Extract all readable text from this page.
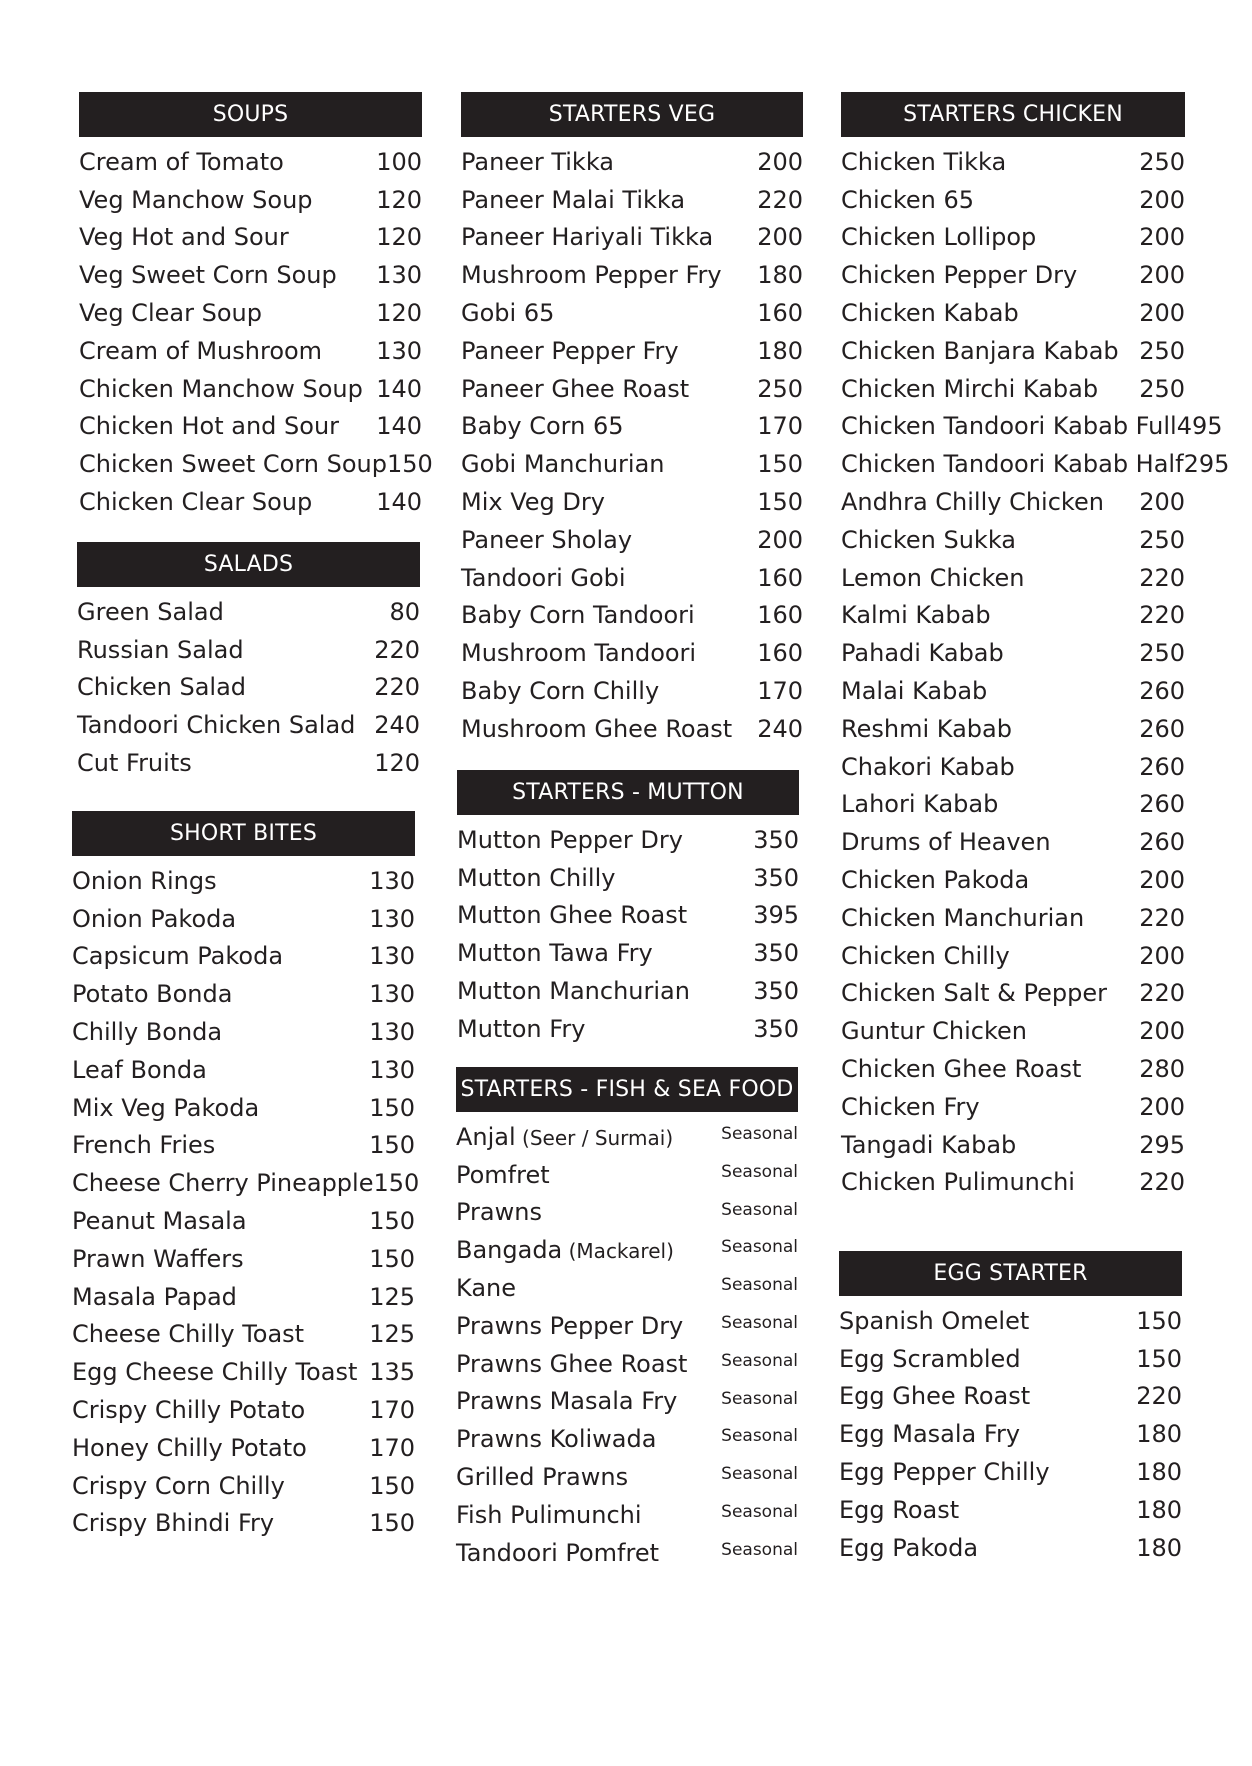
SOUPS
Cream of Tomato	100
Veg Manchow Soup	120
Veg Hot and Sour	120
Veg Sweet Corn Soup 130
Veg Clear Soup	120
Cream of Mushroom 130
Chicken Manchow Soup 140
Chicken Hot and Sour 140
Chicken Sweet Corn Soup 150
Chicken Clear Soup	140
SALADS
Green Salad	80
Russian Salad	220
Chicken Salad	220
Tandoori Chicken Salad 240
Cut Fruits	120
SHORT BITES
Onion Rings	130
Onion Pakoda	130
Capsicum Pakoda	130
Potato Bonda	130
Chilly Bonda	130
Leaf Bonda	130
Mix Veg Pakoda	150
French Fries	150
Cheese Cherry Pineapple 150
Peanut Masala	150
Prawn Waffers	150
Masala Papad	125
Cheese Chilly Toast	125
Egg Cheese Chilly Toast 135
Crispy Chilly Potato	170
Honey Chilly Potato	170
Crispy Corn Chilly	150
Crispy Bhindi Fry	150
STARTERS VEG
Paneer Tikka	200
Paneer Malai Tikka	220
Paneer Hariyali Tikka 200
Mushroom Pepper Fry 180
Gobi 65	160
Paneer Pepper Fry	180
Paneer Ghee Roast	250
Baby Corn 65	170
Gobi Manchurian	150
Mix Veg Dry	150
Paneer Sholay	200
Tandoori Gobi	160
Baby Corn Tandoori	160
Mushroom Tandoori	160
Baby Corn Chilly	170
Mushroom Ghee Roast 240
STARTERS - MUTTON
Mutton Pepper Dry	350
Mutton Chilly	350
Mutton Ghee Roast	395
Mutton Tawa Fry	350
Mutton Manchurian	350
Mutton Fry	350
STARTERS - FISH & SEA FOOD
Anjal (Seer / Surmai)	Seasonal
Pomfret	Seasonal
Prawns	Seasonal
Bangada (Mackarel)	Seasonal
Kane	Seasonal
Prawns Pepper Dry Seasonal
Prawns Ghee Roast Seasonal
Prawns Masala Fry	Seasonal
Prawns Koliwada	Seasonal
Grilled Prawns	Seasonal
Fish Pulimunchi	Seasonal
Tandoori Pomfret	Seasonal
STARTERS CHICKEN
Chicken Tikka	250
Chicken 65	200
Chicken Lollipop	200
Chicken Pepper Dry	200
Chicken Kabab	200
Chicken Banjara Kabab 250
Chicken Mirchi Kabab 250
Chicken Tandoori Kabab Full 495
Chicken Tandoori Kabab Half 295
Andhra Chilly Chicken 200
Chicken Sukka	250
Lemon Chicken	220
Kalmi Kabab	220
Pahadi Kabab	250
Malai Kabab	260
Reshmi Kabab	260
Chakori Kabab	260
Lahori Kabab	260
Drums of Heaven	260
Chicken Pakoda	200
Chicken Manchurian 220
Chicken Chilly	200
Chicken Salt & Pepper 220
Guntur Chicken	200
Chicken Ghee Roast 280
Chicken Fry	200
Tangadi Kabab	295
Chicken Pulimunchi	220
EGG STARTER
Spanish Omelet	150
Egg Scrambled	150
Egg Ghee Roast	220
Egg Masala Fry	180
Egg Pepper Chilly	180
Egg Roast	180
Egg Pakoda	180
